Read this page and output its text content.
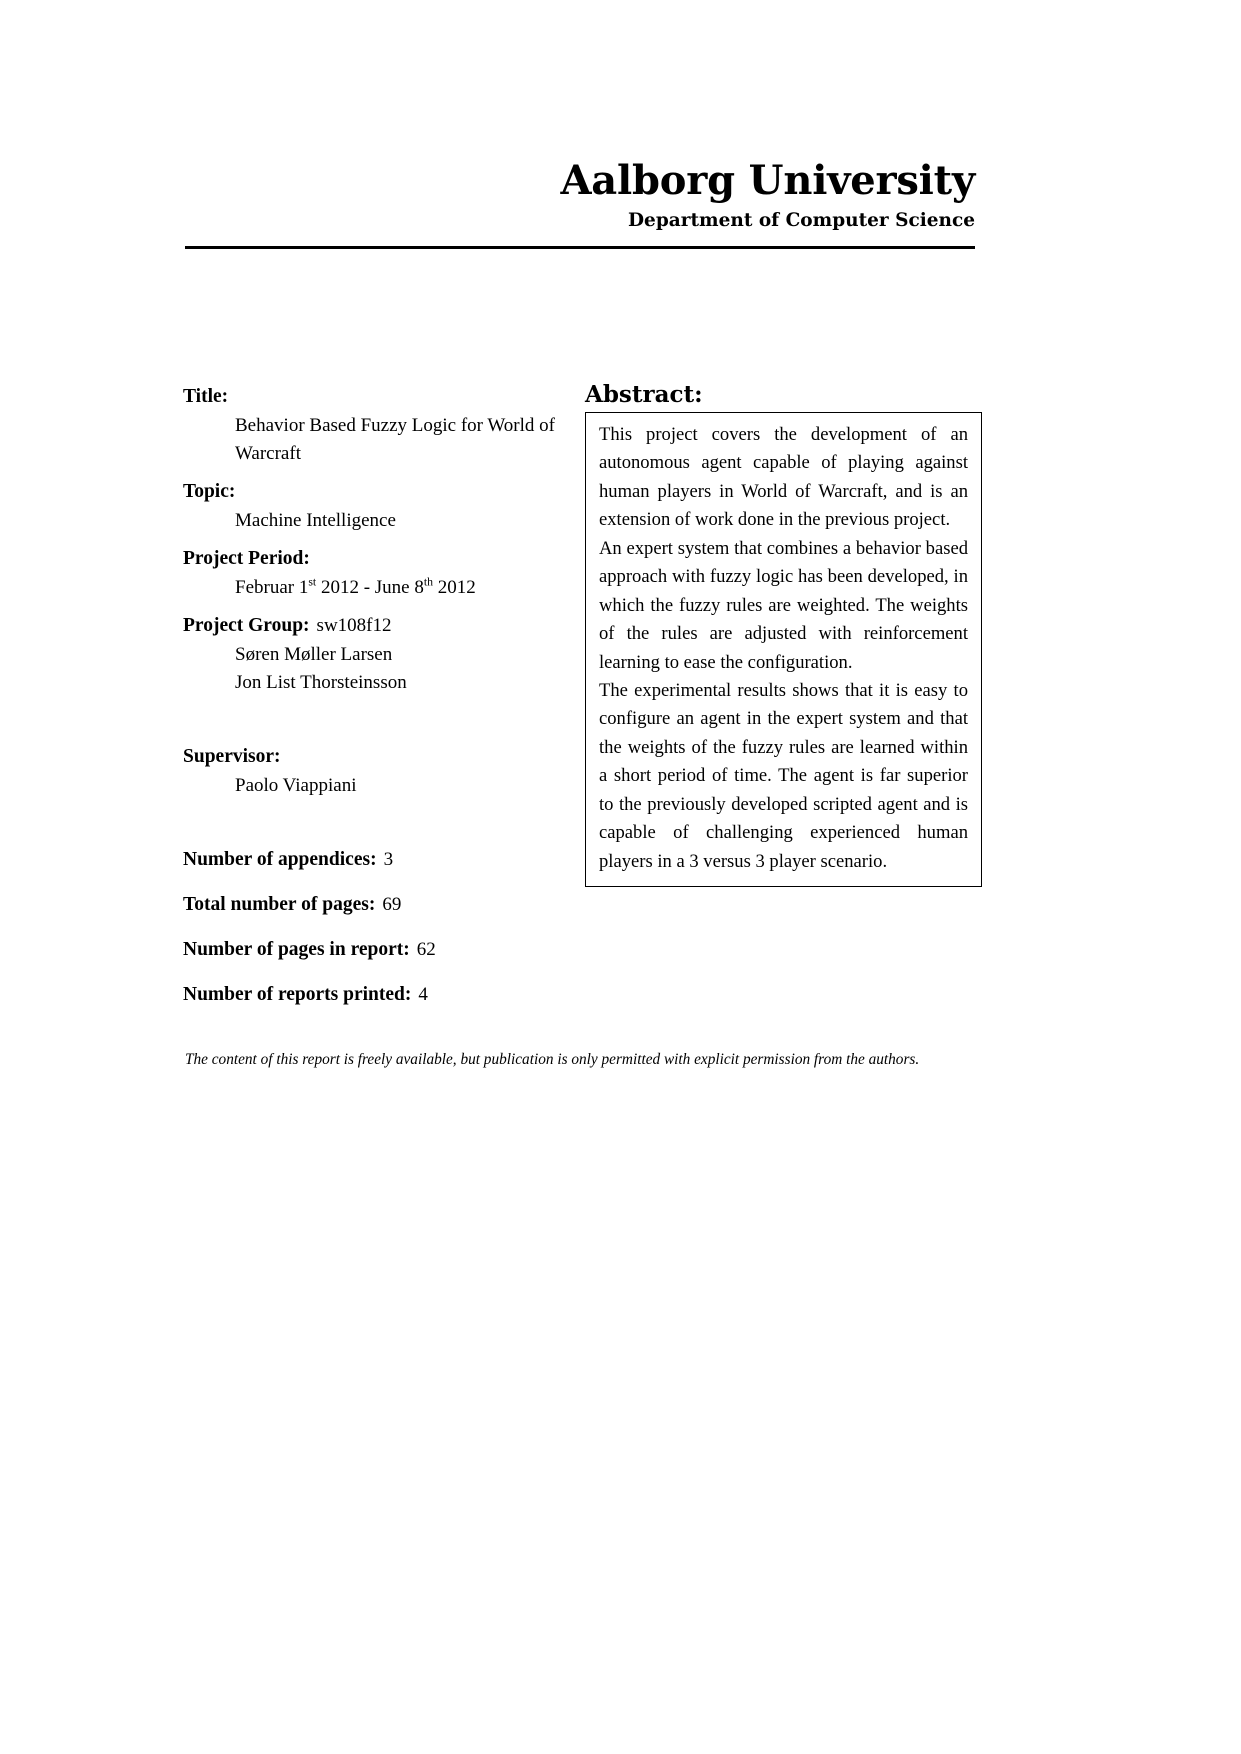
Aalborg University
Department of Computer Science
Title:
Behavior Based Fuzzy Logic for World of Warcraft
Topic:
Machine Intelligence
Project Period:
Februar 1st 2012 - June 8th 2012
Project Group: sw108f12
Søren Møller Larsen
Jon List Thorsteinsson
Supervisor:
Paolo Viappiani
Number of appendices: 3
Total number of pages: 69
Number of pages in report: 62
Number of reports printed: 4
Abstract:

This project covers the development of an autonomous agent capable of playing against human players in World of Warcraft, and is an extension of work done in the previous project.

An expert system that combines a behavior based approach with fuzzy logic has been developed, in which the fuzzy rules are weighted. The weights of the rules are adjusted with reinforcement learning to ease the configuration.

The experimental results shows that it is easy to configure an agent in the expert system and that the weights of the fuzzy rules are learned within a short period of time. The agent is far superior to the previously developed scripted agent and is capable of challenging experienced human players in a 3 versus 3 player scenario.

The content of this report is freely available, but publication is only permitted with explicit permission from the authors.
